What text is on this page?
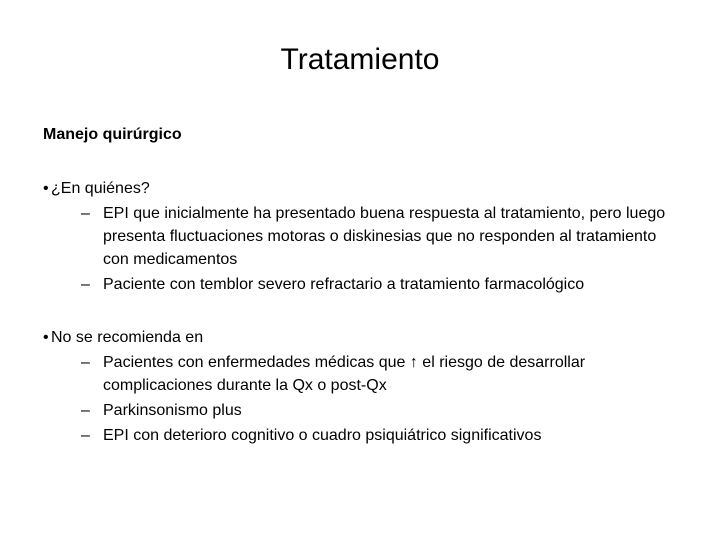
Tratamiento
Manejo quirúrgico
• ¿En quiénes?
– EPI que inicialmente ha presentado buena respuesta al tratamiento, pero luego presenta fluctuaciones motoras o diskinesias que no responden al tratamiento con medicamentos
– Paciente con temblor severo refractario a tratamiento farmacológico
• No se recomienda en
– Pacientes con enfermedades médicas que ↑ el riesgo de desarrollar complicaciones durante la Qx o post-Qx
– Parkinsonismo plus
– EPI con deterioro cognitivo o cuadro psiquiátrico significativos
